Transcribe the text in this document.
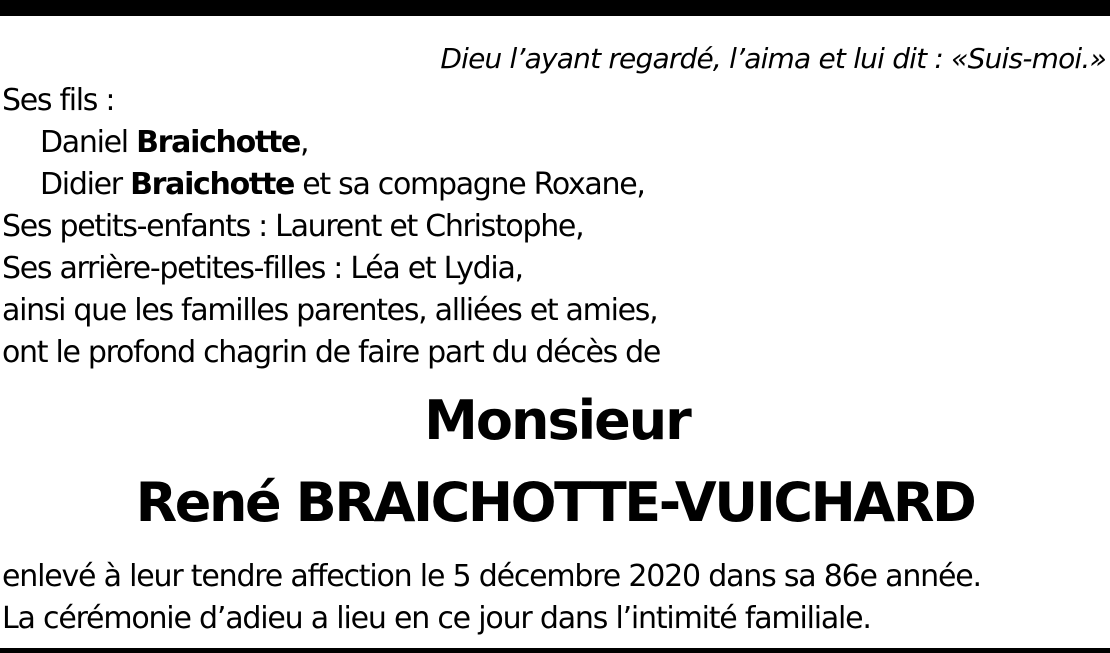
Dieu l’ayant regardé, l’aima et lui dit : «Suis-moi.»
Ses fils :
Daniel Braichotte,
Didier Braichotte et sa compagne Roxane,
Ses petits-enfants : Laurent et Christophe,
Ses arrière-petites-filles : Léa et Lydia,
ainsi que les familles parentes, alliées et amies,
ont le profond chagrin de faire part du décès de
Monsieur
René BRAICHOTTE-VUICHARD
enlevé à leur tendre affection le 5 décembre 2020 dans sa 86e année.
La cérémonie d’adieu a lieu en ce jour dans l’intimité familiale.
